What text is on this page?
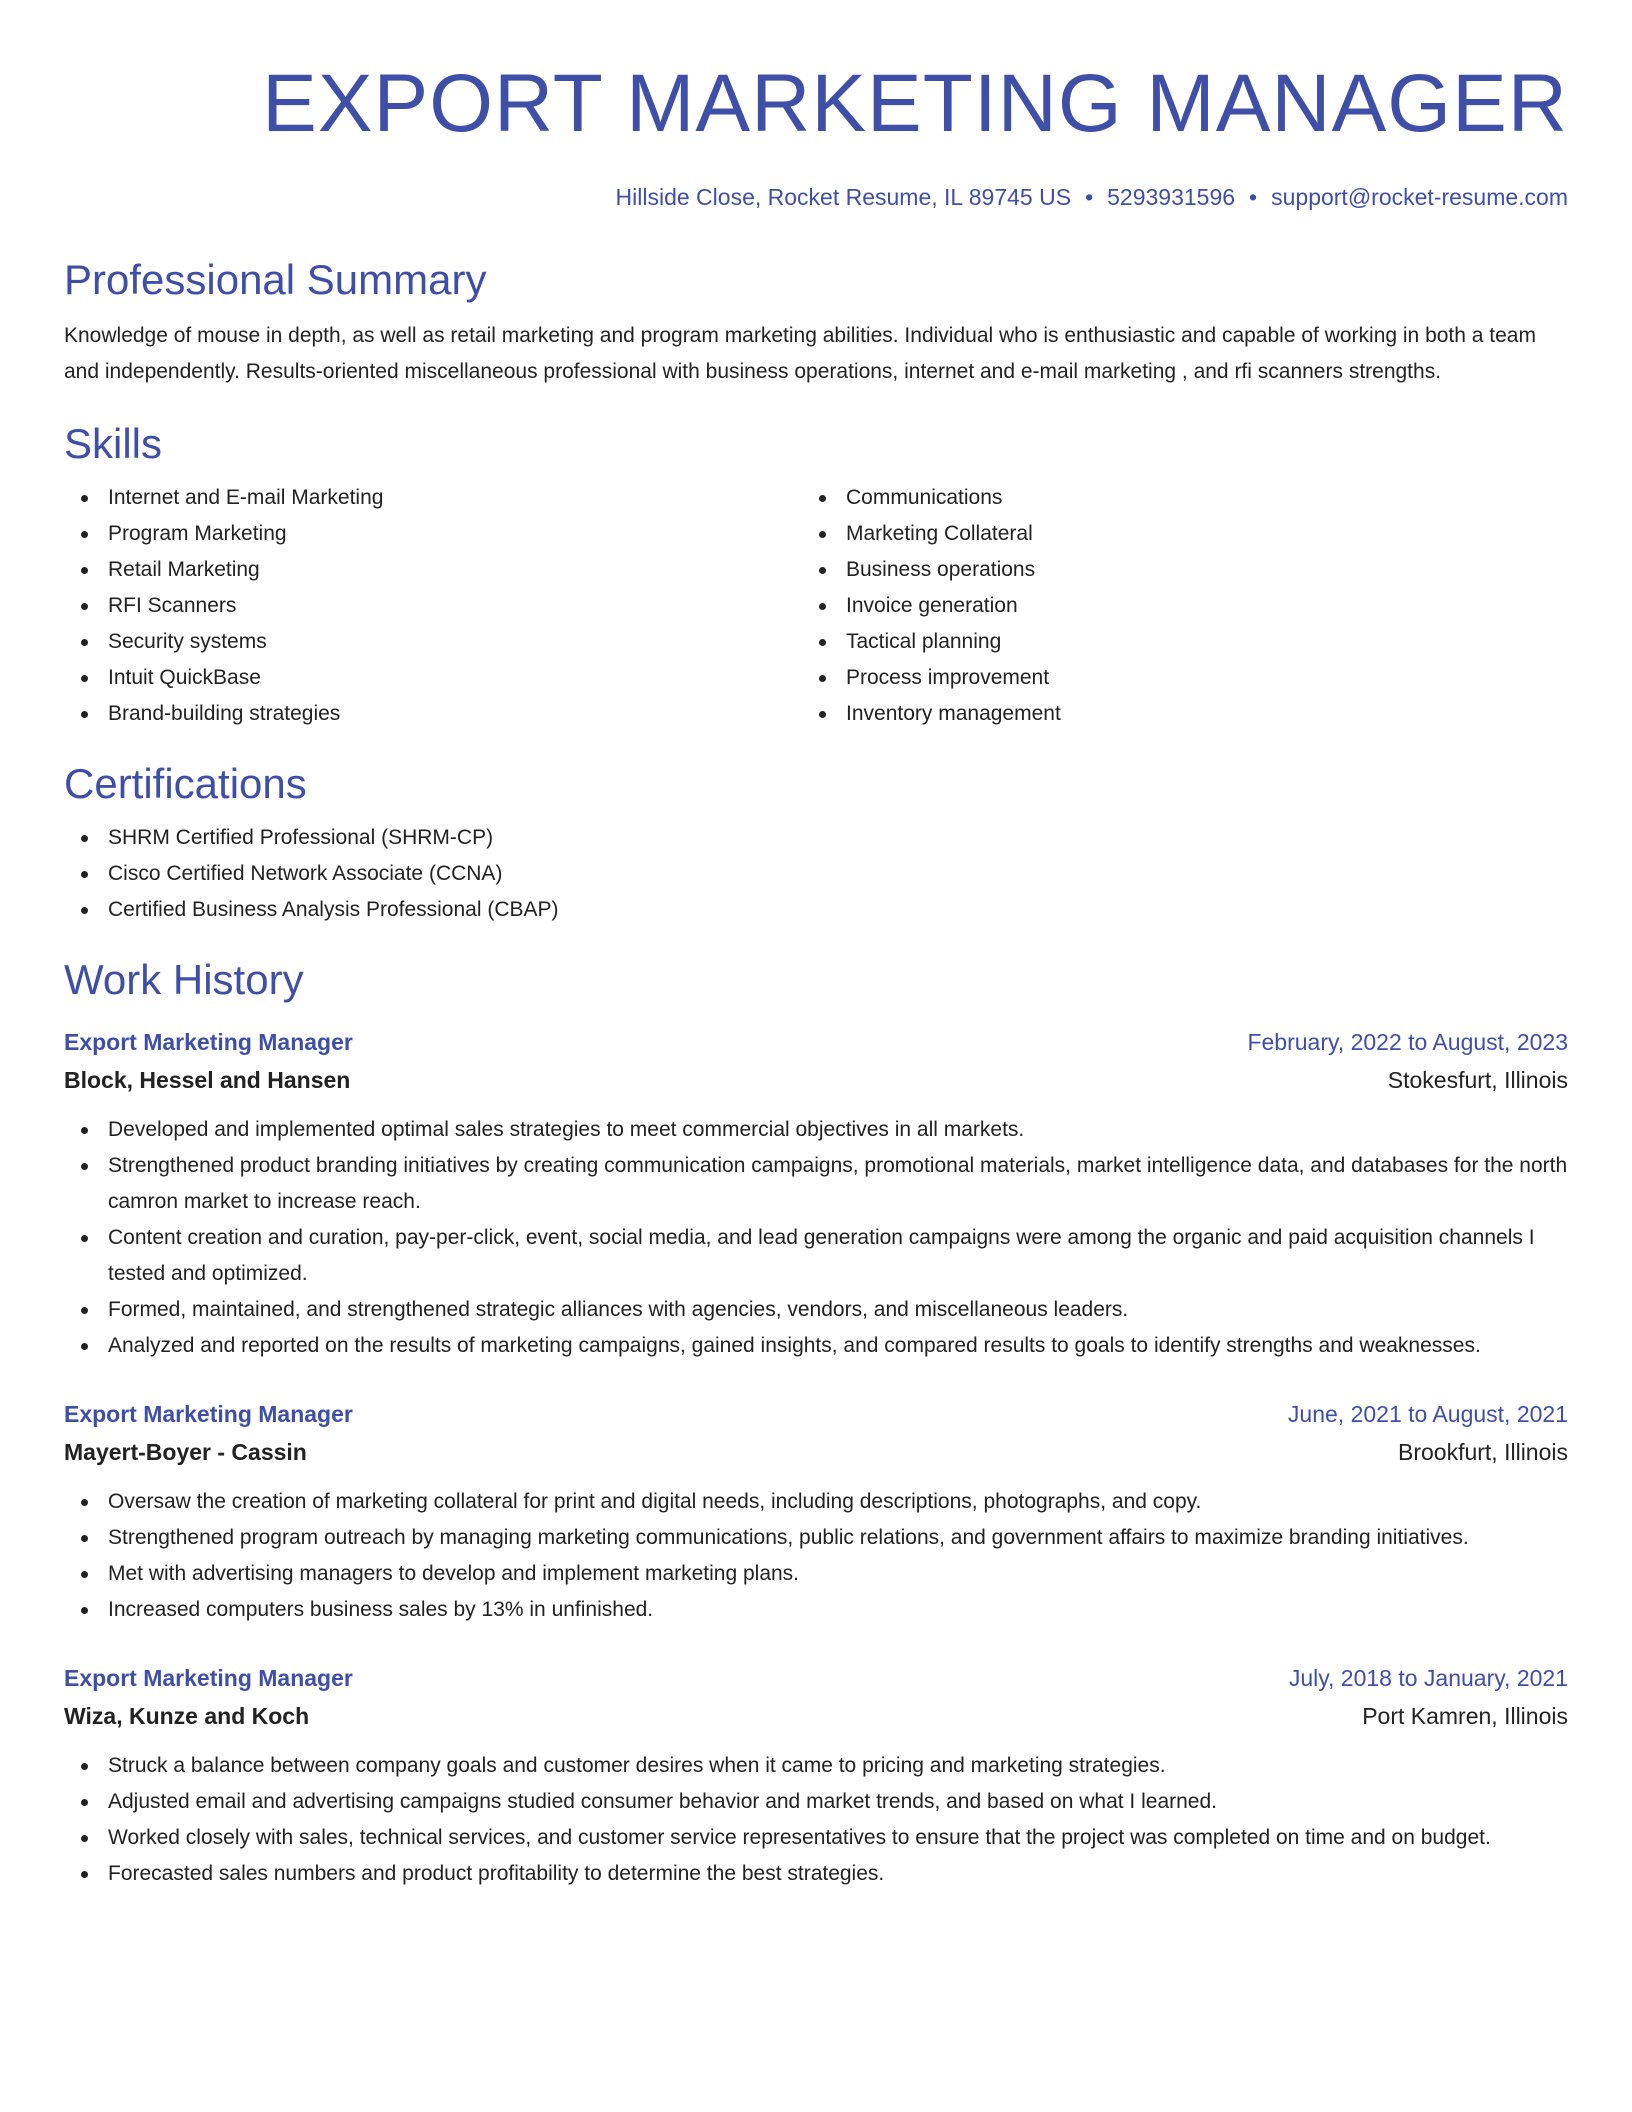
EXPORT MARKETING MANAGER
Hillside Close, Rocket Resume, IL 89745 US • 5293931596 • support@rocket-resume.com
Professional Summary

Knowledge of mouse in depth, as well as retail marketing and program marketing abilities. Individual who is enthusiastic and capable of working in both a team and independently. Results-oriented miscellaneous professional with business operations, internet and e-mail marketing , and rfi scanners strengths.

Skills
Internet and E-mail Marketing
Program Marketing
Retail Marketing
RFI Scanners
Security systems
Intuit QuickBase
Brand-building strategies
Communications
Marketing Collateral
Business operations
Invoice generation
Tactical planning
Process improvement
Inventory management
Certifications
SHRM Certified Professional (SHRM-CP)
Cisco Certified Network Associate (CCNA)
Certified Business Analysis Professional (CBAP)
Work History
Export Marketing Manager	February, 2022 to August, 2023
Block, Hessel and Hansen	Stokesfurt, Illinois
Developed and implemented optimal sales strategies to meet commercial objectives in all markets.
Strengthened product branding initiatives by creating communication campaigns, promotional materials, market intelligence data, and databases for the north camron market to increase reach.
Content creation and curation, pay-per-click, event, social media, and lead generation campaigns were among the organic and paid acquisition channels I tested and optimized.
Formed, maintained, and strengthened strategic alliances with agencies, vendors, and miscellaneous leaders.
Analyzed and reported on the results of marketing campaigns, gained insights, and compared results to goals to identify strengths and weaknesses.
Export Marketing Manager	June, 2021 to August, 2021
Mayert-Boyer - Cassin	Brookfurt, Illinois
Oversaw the creation of marketing collateral for print and digital needs, including descriptions, photographs, and copy.
Strengthened program outreach by managing marketing communications, public relations, and government affairs to maximize branding initiatives.
Met with advertising managers to develop and implement marketing plans.
Increased computers business sales by 13% in unfinished.
Export Marketing Manager	July, 2018 to January, 2021
Wiza, Kunze and Koch	Port Kamren, Illinois
Struck a balance between company goals and customer desires when it came to pricing and marketing strategies.
Adjusted email and advertising campaigns studied consumer behavior and market trends, and based on what I learned.
Worked closely with sales, technical services, and customer service representatives to ensure that the project was completed on time and on budget.
Forecasted sales numbers and product profitability to determine the best strategies.
